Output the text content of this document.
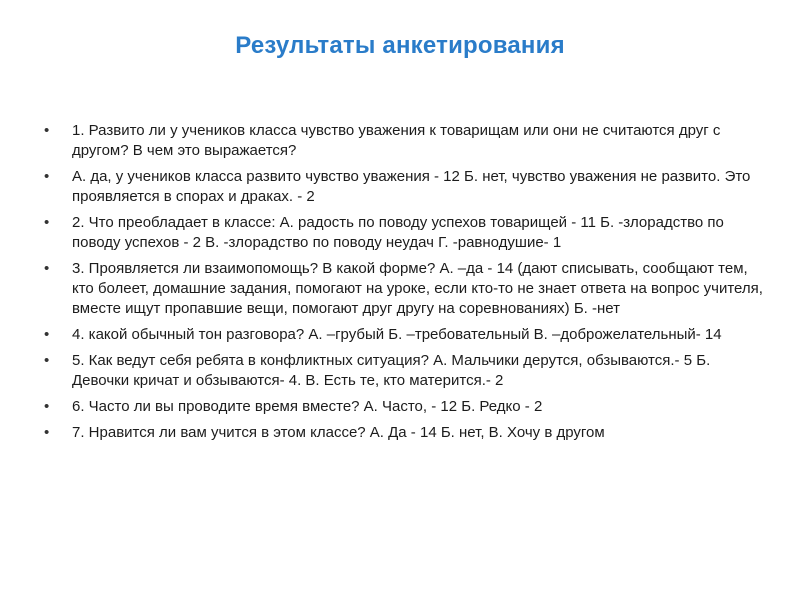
Результаты анкетирования
•	1. Развито ли у учеников класса чувство уважения к товарищам или они не считаются друг с другом? В чем это выражается?
•	А. да, у учеников класса развито чувство уважения - 12 Б. нет, чувство уважения не развито. Это проявляется в спорах и драках. - 2
•	2. Что преобладает в классе: А. радость по поводу успехов товарищей - 11 Б. -злорадство по поводу успехов - 2 В. -злорадство по поводу неудач Г. -равнодушие- 1
•	3. Проявляется ли взаимопомощь? В какой форме? А. –да - 14 (дают списывать, сообщают тем, кто болеет, домашние задания, помогают на уроке, если кто-то не знает ответа на вопрос учителя, вместе ищут пропавшие вещи, помогают друг другу на соревнованиях) Б. -нет
•	4. какой обычный тон разговора? А. –грубый Б. –требовательный В. –доброжелательный- 14
•	5. Как ведут себя ребята в конфликтных ситуация? А. Мальчики дерутся, обзываются.- 5 Б. Девочки кричат и обзываются- 4. В. Есть те, кто матерится.- 2
•	6. Часто ли вы проводите время вместе? А. Часто, - 12 Б. Редко - 2
•	7. Нравится ли вам учится в этом классе? А. Да - 14 Б. нет, В. Хочу в другом
